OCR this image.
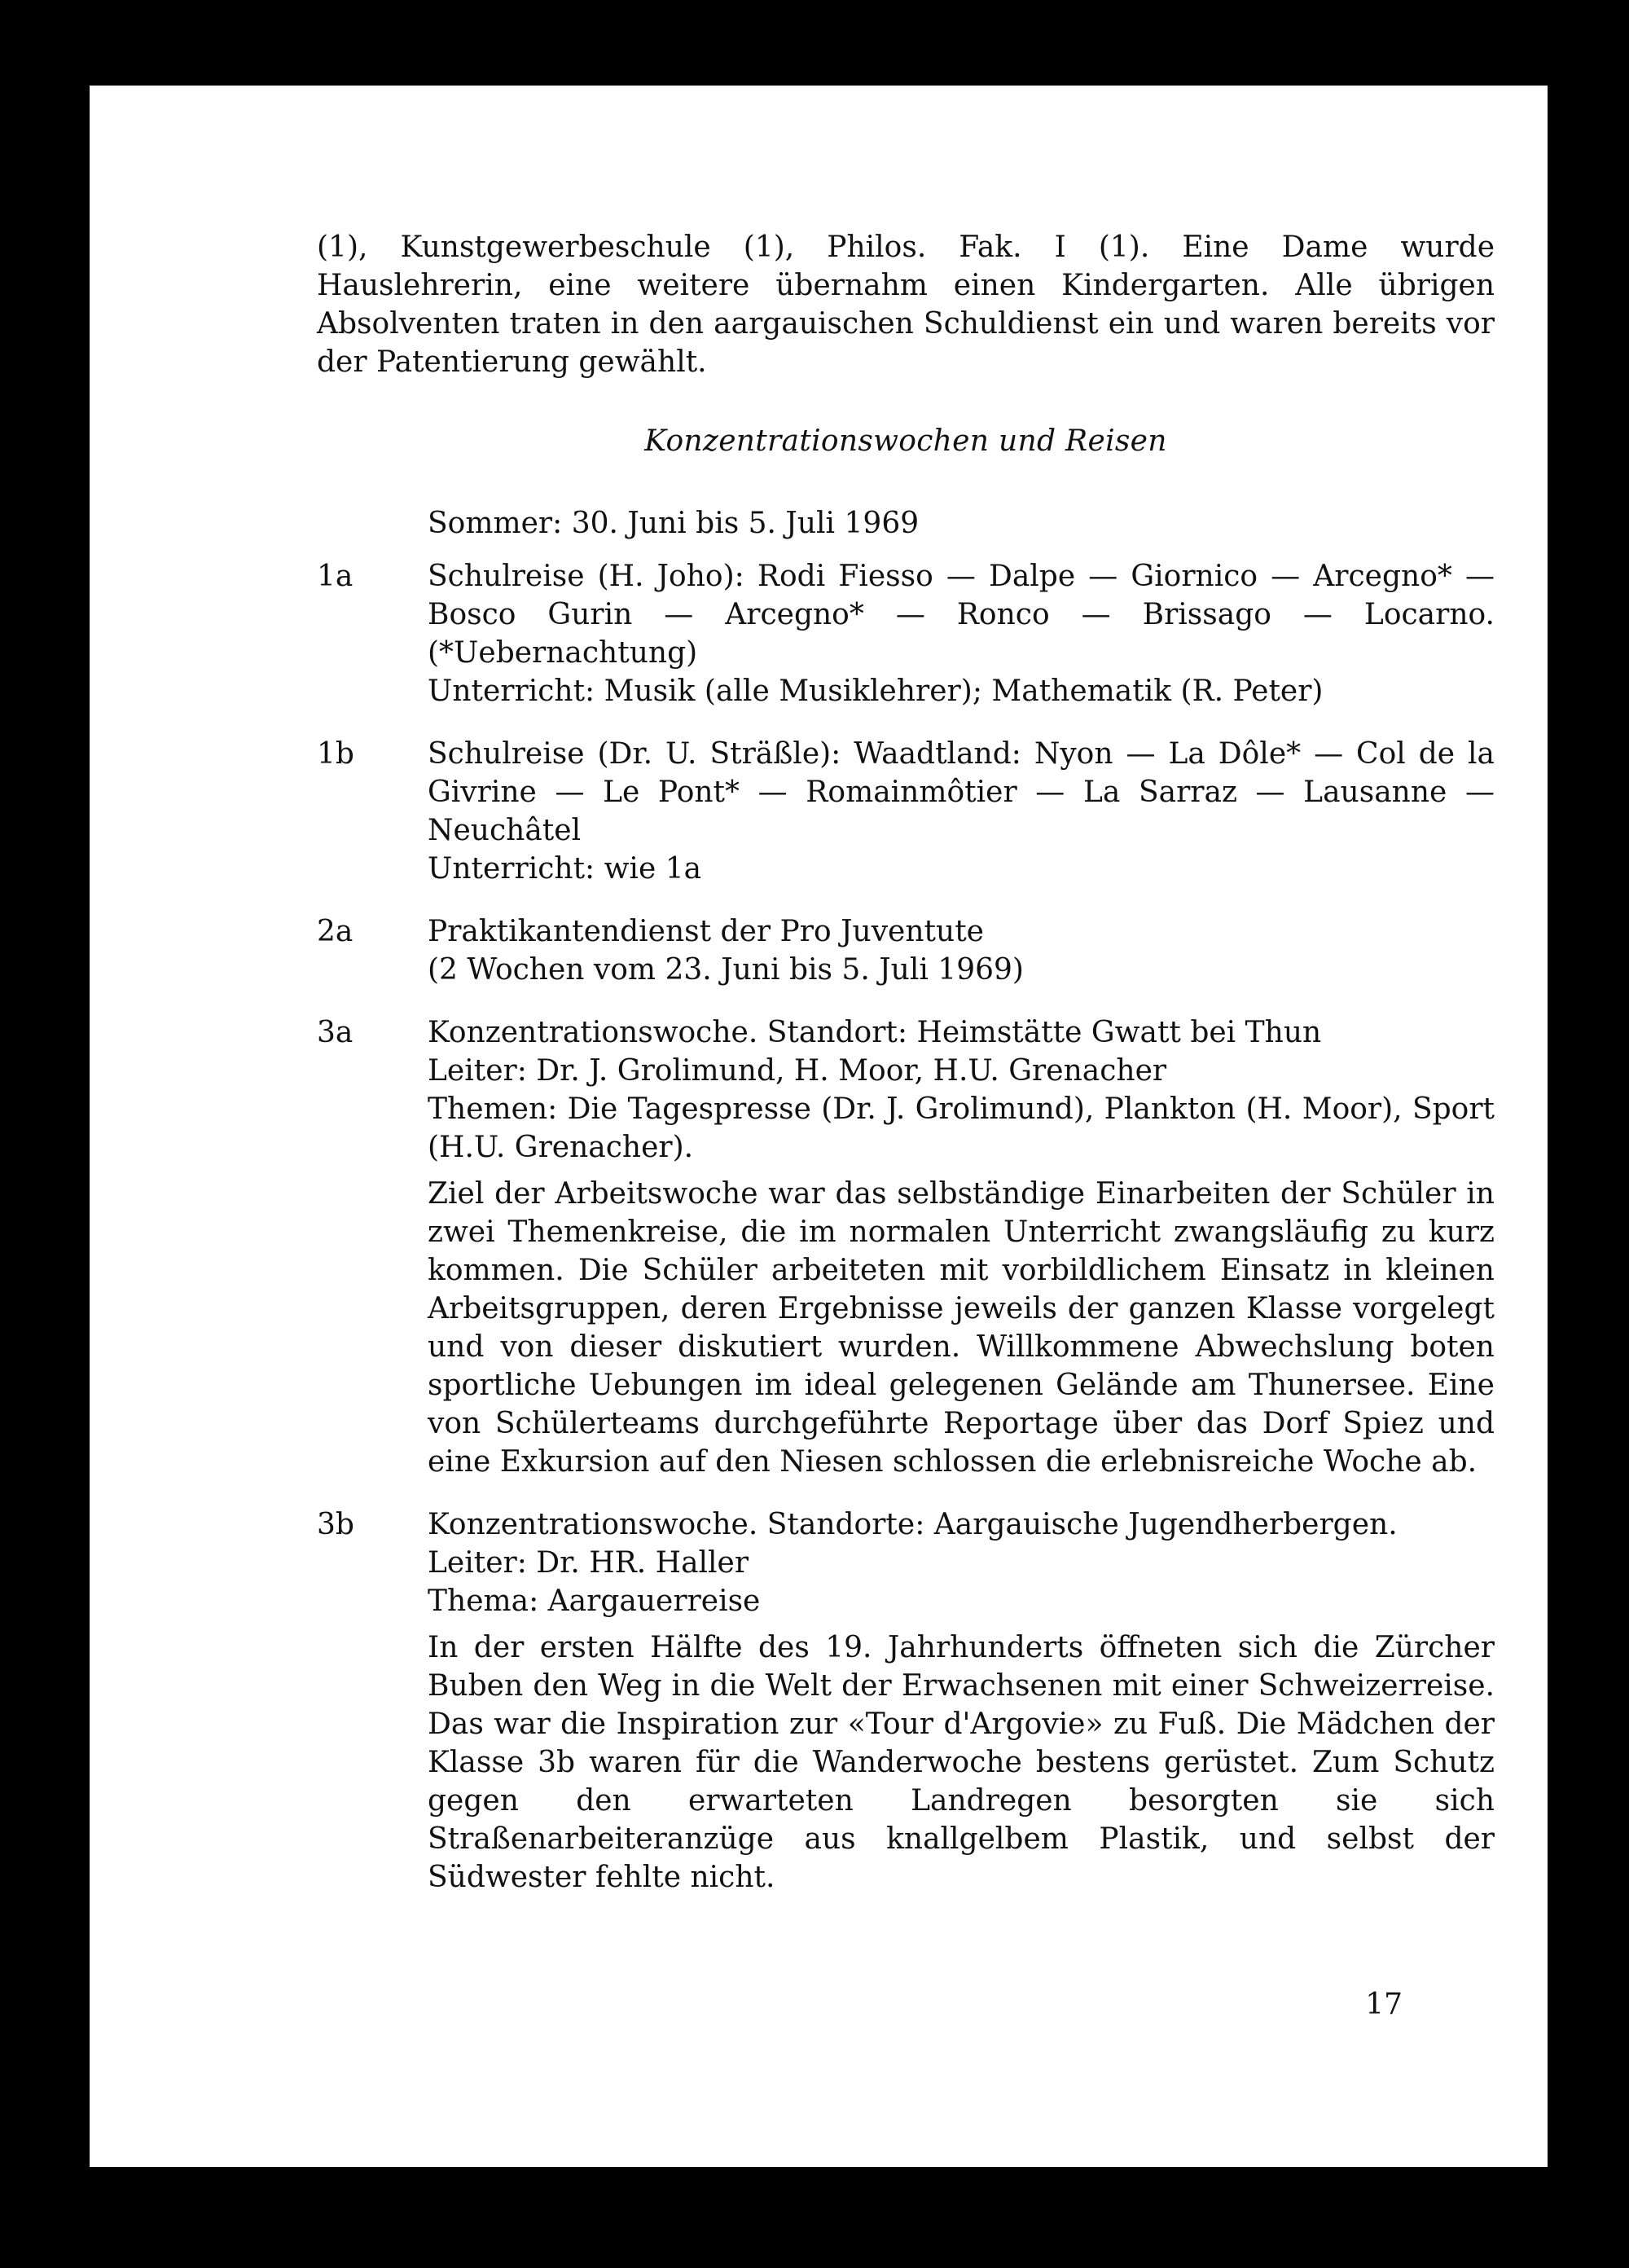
(1), Kunstgewerbeschule (1), Philos. Fak. I (1). Eine Dame wurde Hauslehrerin, eine weitere übernahm einen Kindergarten. Alle übrigen Absolventen traten in den aargauischen Schuldienst ein und waren bereits vor der Patentierung gewählt.

Konzentrationswochen und Reisen
Sommer: 30. Juni bis 5. Juli 1969
1a	Schulreise (H. Joho): Rodi Fiesso — Dalpe — Giornico — Arcegno* — Bosco Gurin — Arcegno* — Ronco — Brissago — Locarno. (*Uebernachtung)

Unterricht: Musik (alle Musiklehrer); Mathematik (R. Peter)

1b	Schulreise (Dr. U. Sträßle): Waadtland: Nyon — La Dôle* — Col de la Givrine — Le Pont* — Romainmôtier — La Sarraz — Lausanne — Neuchâtel

Unterricht: wie 1a

2a	Praktikantendienst der Pro Juventute

(2 Wochen vom 23. Juni bis 5. Juli 1969)

3a	Konzentrationswoche. Standort: Heimstätte Gwatt bei Thun

Leiter: Dr. J. Grolimund, H. Moor, H.U. Grenacher

Themen: Die Tagespresse (Dr. J. Grolimund), Plankton (H. Moor), Sport (H.U. Grenacher).

Ziel der Arbeitswoche war das selbständige Einarbeiten der Schüler in zwei Themenkreise, die im normalen Unterricht zwangsläufig zu kurz kommen. Die Schüler arbeiteten mit vorbildlichem Einsatz in kleinen Arbeitsgruppen, deren Ergebnisse jeweils der ganzen Klasse vorgelegt und von dieser diskutiert wurden. Willkommene Abwechslung boten sportliche Uebungen im ideal gelegenen Gelände am Thunersee. Eine von Schülerteams durchgeführte Reportage über das Dorf Spiez und eine Exkursion auf den Niesen schlossen die erlebnisreiche Woche ab.

3b	Konzentrationswoche. Standorte: Aargauische Jugendherbergen.

Leiter: Dr. HR. Haller

Thema: Aargauerreise

In der ersten Hälfte des 19. Jahrhunderts öffneten sich die Zürcher Buben den Weg in die Welt der Erwachsenen mit einer Schweizerreise. Das war die Inspiration zur «Tour d'Argovie» zu Fuß. Die Mädchen der Klasse 3b waren für die Wanderwoche bestens gerüstet. Zum Schutz gegen den erwarteten Landregen besorgten sie sich Straßenarbeiteranzüge aus knallgelbem Plastik, und selbst der Südwester fehlte nicht.

17
